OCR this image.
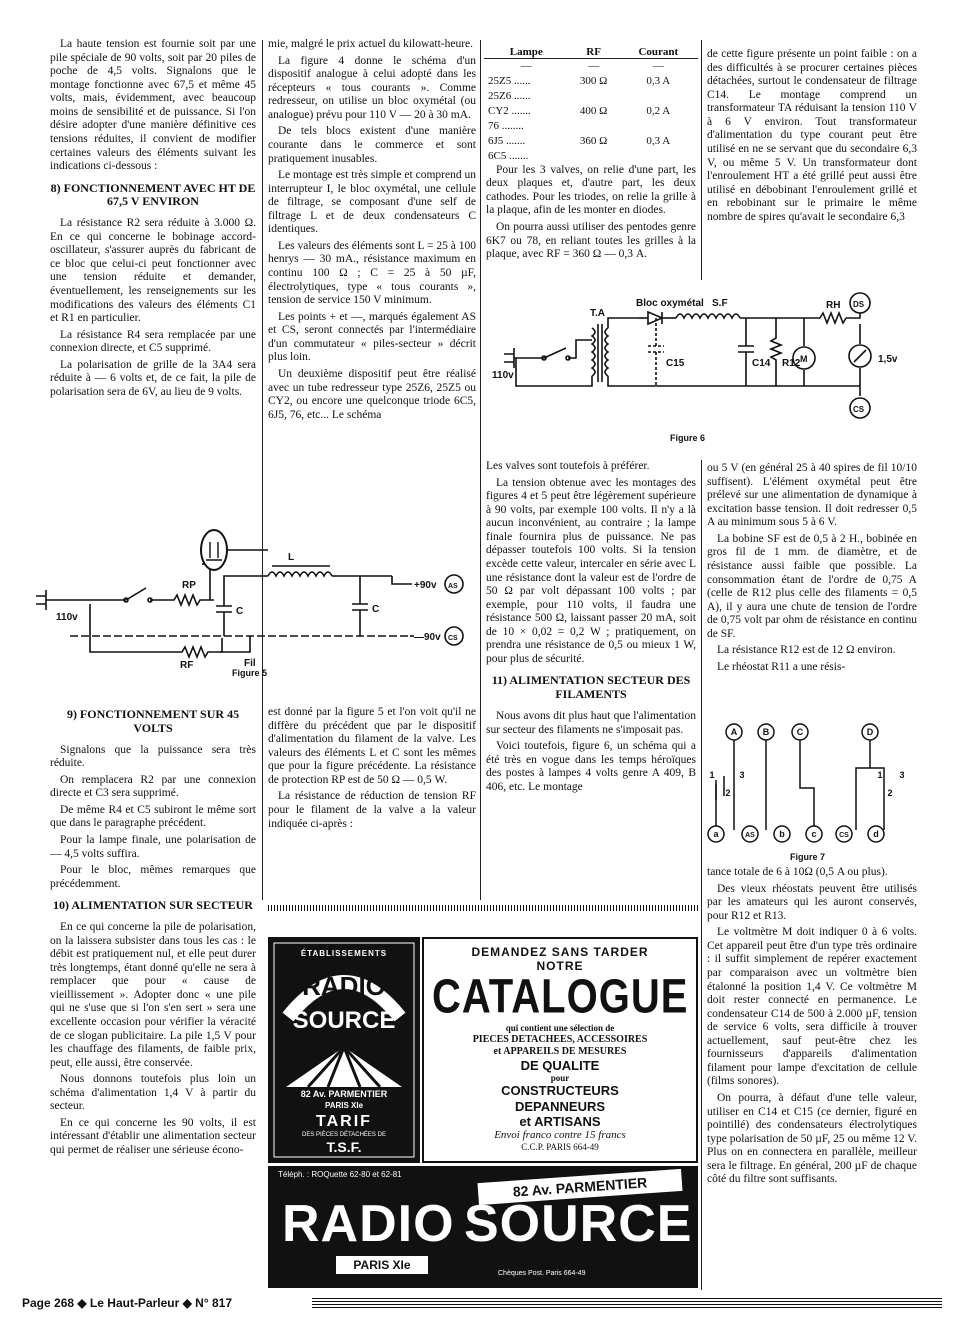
La haute tension est fournie soit par une pile spéciale de 90 volts, soit par 20 piles de poche de 4,5 volts. Signalons que le montage fonctionne avec 67,5 et même 45 volts, mais, évidemment, avec beaucoup moins de sensibilité et de puissance. Si l'on désire adopter d'une manière définitive ces tensions réduites, il convient de modifier certaines valeurs des éléments suivant les indications ci-dessous :

8) FONCTIONNEMENT AVEC HT DE 67,5 V ENVIRON

La résistance R2 sera réduite à 3.000 Ω. En ce qui concerne le bobinage accord-oscillateur, s'assurer auprès du fabricant de ce bloc que celui-ci peut fonctionner avec une tension réduite et demander, éventuellement, les renseignements sur les modifications des valeurs des éléments C1 et R1 en particulier.

La résistance R4 sera remplacée par une connexion directe, et C5 supprimé.

La polarisation de grille de la 3A4 sera réduite à — 6 volts et, de ce fait, la pile de polarisation sera de 6V, au lieu de 9 volts.

mie, malgré le prix actuel du kilowatt-heure.

La figure 4 donne le schéma d'un dispositif analogue à celui adopté dans les récepteurs « tous courants ». Comme redresseur, on utilise un bloc oxymétal (ou analogue) prévu pour 110 V — 20 à 30 mA.

De tels blocs existent d'une manière courante dans le commerce et sont pratiquement inusables.

Le montage est très simple et comprend un interrupteur I, le bloc oxymétal, une cellule de filtrage, se composant d'une self de filtrage L et de deux condensateurs C identiques.

Les valeurs des éléments sont L = 25 à 100 henrys — 30 mA., résistance maximum en continu 100 Ω ; C = 25 à 50 µF, électrolytiques, type « tous courants », tension de service 150 V minimum.

Les points + et —, marqués également AS et CS, seront connectés par l'intermédiaire d'un commutateur « piles-secteur » décrit plus loin.

Un deuxième dispositif peut être réalisé avec un tube redresseur type 25Z6, 25Z5 ou CY2, ou encore une quelconque triode 6C5, 6J5, 76, etc... Le schéma

Lampe	RF	Courant
—	—	—
25Z5 ......	300 Ω	0,3 A
25Z6 ......		
CY2 .......	400 Ω	0,2 A
76 ........		
6J5 .......	360 Ω	0,3 A
6C5 .......		

Pour les 3 valves, on relie d'une part, les deux plaques et, d'autre part, les deux cathodes. Pour les triodes, on relie la grille à la plaque, afin de les monter en diodes.

On pourra aussi utiliser des pentodes genre 6K7 ou 78, en reliant toutes les grilles à la plaque, avec RF = 360 Ω — 0,3 A.

de cette figure présente un point faible : on a des difficultés à se procurer certaines pièces détachées, surtout le condensateur de filtrage C14. Le montage comprend un transformateur TA réduisant la tension 110 V à 6 V environ. Tout transformateur d'alimentation du type courant peut être utilisé en ne se servant que du secondaire 6,3 V, ou même 5 V. Un transformateur dont l'enroulement HT a été grillé peut aussi être utilisé en débobinant l'enroulement grillé et en rebobinant sur le primaire le même nombre de spires qu'avait le secondaire 6,3

110v
T.A
Bloc oxymétal S.F	RH
C15	C14 R12 M	1,5v
DS
CS
Figure 6

Les valves sont toutefois à préférer.

La tension obtenue avec les montages des figures 4 et 5 peut être légèrement supérieure à 90 volts, par exemple 100 volts. Il n'y a là aucun inconvénient, au contraire ; la lampe finale fournira plus de puissance. Ne pas dépasser toutefois 100 volts. Si la tension excède cette valeur, intercaler en série avec L une résistance dont la valeur est de l'ordre de 50 Ω par volt dépassant 100 volts ; par exemple, pour 110 volts, il faudra une résistance 500 Ω, laissant passer 20 mA, soit de 10 × 0,02 = 0,2 W ; pratiquement, on prendra une résistance de 0,5 ou mieux 1 W, pour plus de sécurité.

11) ALIMENTATION SECTEUR DES FILAMENTS

Nous avons dit plus haut que l'alimentation sur secteur des filaments ne s'imposait pas.

Voici toutefois, figure 6, un schéma qui a été très en vogue dans les temps héroïques des postes à lampes 4 volts genre A 409, B 406, etc. Le montage

ou 5 V (en général 25 à 40 spires de fil 10/10 suffisent). L'élément oxymétal peut être prélevé sur une alimentation de dynamique à excitation basse tension. Il doit redresser 0,5 A au minimum sous 5 à 6 V.

La bobine SF est de 0,5 à 2 H., bobinée en gros fil de 1 mm. de diamètre, et de résistance aussi faible que possible. La consommation étant de l'ordre de 0,75 A (celle de R12 plus celle des filaments = 0,5 A), il y aura une chute de tension de l'ordre de 0,75 volt par ohm de résistance en continu de SF.

La résistance R12 est de 12 Ω environ.

Le rhéostat R11 a une résis-

A	B	C	D
a	AS	b	c	CS	d
1
2
3	1
2
3
Figure 7

tance totale de 6 à 10Ω (0,5 A ou plus).

Des vieux rhéostats peuvent être utilisés par les amateurs qui les auront conservés, pour R12 et R13.

Le voltmètre M doit indiquer 0 à 6 volts. Cet appareil peut être d'un type très ordinaire : il suffit simplement de repérer exactement par comparaison avec un voltmètre bien étalonné la position 1,4 V. Ce voltmètre M doit rester connecté en permanence. Le condensateur C14 de 500 à 2.000 µF, tension de service 6 volts, sera difficile à trouver actuellement, sauf peut-être chez les fournisseurs d'appareils d'alimentation filament pour lampe d'excitation de cellule (films sonores).

On pourra, à défaut d'une telle valeur, utiliser en C14 et C15 (ce dernier, figuré en pointillé) des condensateurs électrolytiques type polarisation de 50 µF, 25 ou même 12 V. Plus on en connectera en parallèle, meilleur sera le filtrage. En général, 200 µF de chaque côté du filtre sont suffisants.

110v
RP
L
C	C
RF	Fil
+90v AS
—90v CS
Figure 5
9) FONCTIONNEMENT SUR 45 VOLTS

Signalons que la puissance sera très réduite.

On remplacera R2 par une connexion directe et C3 sera supprimé.

De même R4 et C5 subiront le même sort que dans le paragraphe précédent.

Pour la lampe finale, une polarisation de — 4,5 volts suffira.

Pour le bloc, mêmes remarques que précédemment.

10) ALIMENTATION SUR SECTEUR

En ce qui concerne la pile de polarisation, on la laissera subsister dans tous les cas : le débit est pratiquement nul, et elle peut durer très longtemps, étant donné qu'elle ne sera à remplacer que pour « cause de vieillissement ». Adopter donc « une pile qui ne s'use que si l'on s'en sert » sera une excellente occasion pour vérifier la véracité de ce slogan publicitaire. La pile 1,5 V pour les chauffage des filaments, de faible prix, peut, elle aussi, être conservée.

Nous donnons toutefois plus loin un schéma d'alimentation 1,4 V à partir du secteur.

En ce qui concerne les 90 volts, il est intéressant d'établir une alimentation secteur qui permet de réaliser une sérieuse écono-

est donné par la figure 5 et l'on voit qu'il ne diffère du précédent que par le dispositif d'alimentation du filament de la valve. Les valeurs des éléments L et C sont les mêmes que pour la figure précédente. La résistance de protection RP est de 50 Ω — 0,5 W.

La résistance de réduction de tension RF pour le filament de la valve a la valeur indiquée ci-après :

ÉTABLISSEMENTS
RADIO
SOURCE
82 Av. PARMENTIER
PARIS XIe
TARIF
DES PIÈCES DÉTACHÉES DE
T.S.F.
DEMANDEZ SANS TARDER
NOTRE
CATALOGUE
qui contient une sélection de
PIECES DETACHEES, ACCESSOIRES
et APPAREILS DE MESURES
DE QUALITE
pour
CONSTRUCTEURS
DEPANNEURS
et ARTISANS
Envoi franco contre 15 francs
C.C.P. PARIS 664-49
Téléph. : ROQuette 62-80 et 62-81	82 Av. PARMENTIER
RADIO SOURCE
PARIS XIe
Chèques Post. Paris 664-49
Page 268 ◆ Le Haut-Parleur ◆ N° 817
